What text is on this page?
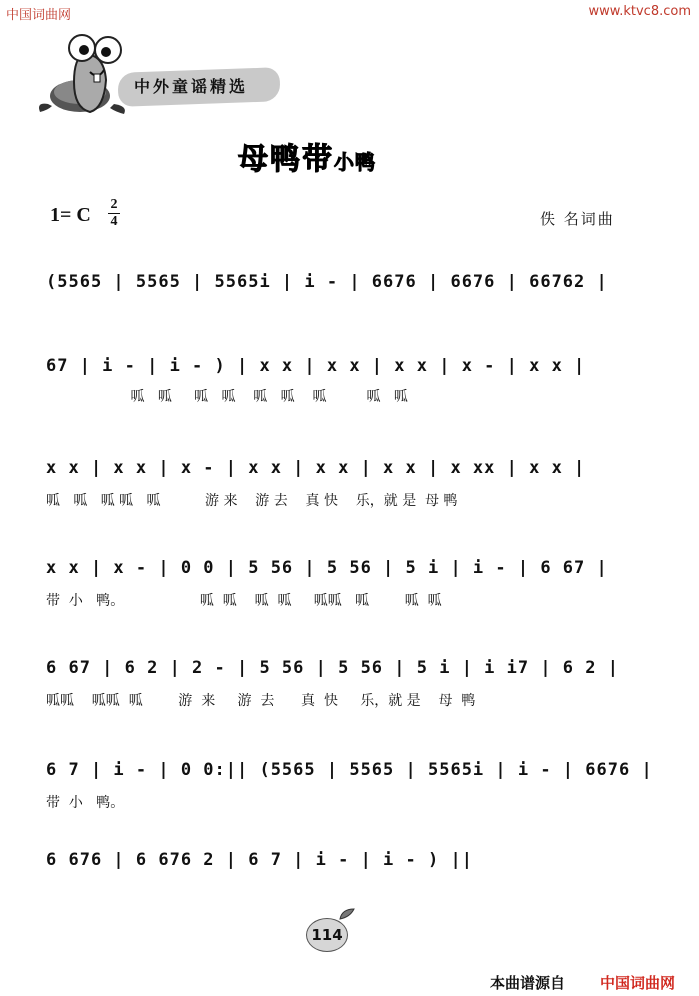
中国词曲网	www.ktvc8.com
中外童谣精选
母鸭带小鸭
1= C 2
4	佚 名词曲
(5565 | 5565 | 5565i | i - | 6676 | 6676 | 66762 |
67 | i - | i - ) | x x | x x | x x | x - | x x |
呱   呱     呱   呱    呱   呱    呱         呱   呱
x x | x x | x - | x x | x x | x x | x xx | x x |
呱   呱   呱 呱   呱          游 来    游 去    真 快    乐，就 是  母 鸭
x x | x - | 0 0 | 5 56 | 5 56 | 5 i | i - | 6 67 |
带  小   鸭。                 呱  呱    呱  呱     呱呱   呱        呱  呱
6 67 | 6 2 | 2 - | 5 56 | 5 56 | 5 i | i i7 | 6 2 |
呱呱    呱呱  呱        游  来     游  去      真  快     乐，就 是    母  鸭
6 7 | i - | 0 0:|| (5565 | 5565 | 5565i | i - | 6676 |
带  小   鸭。
6 676 | 6 676 2 | 6 7 | i - | i - ) ||
114
本曲谱源自 中国词曲网
